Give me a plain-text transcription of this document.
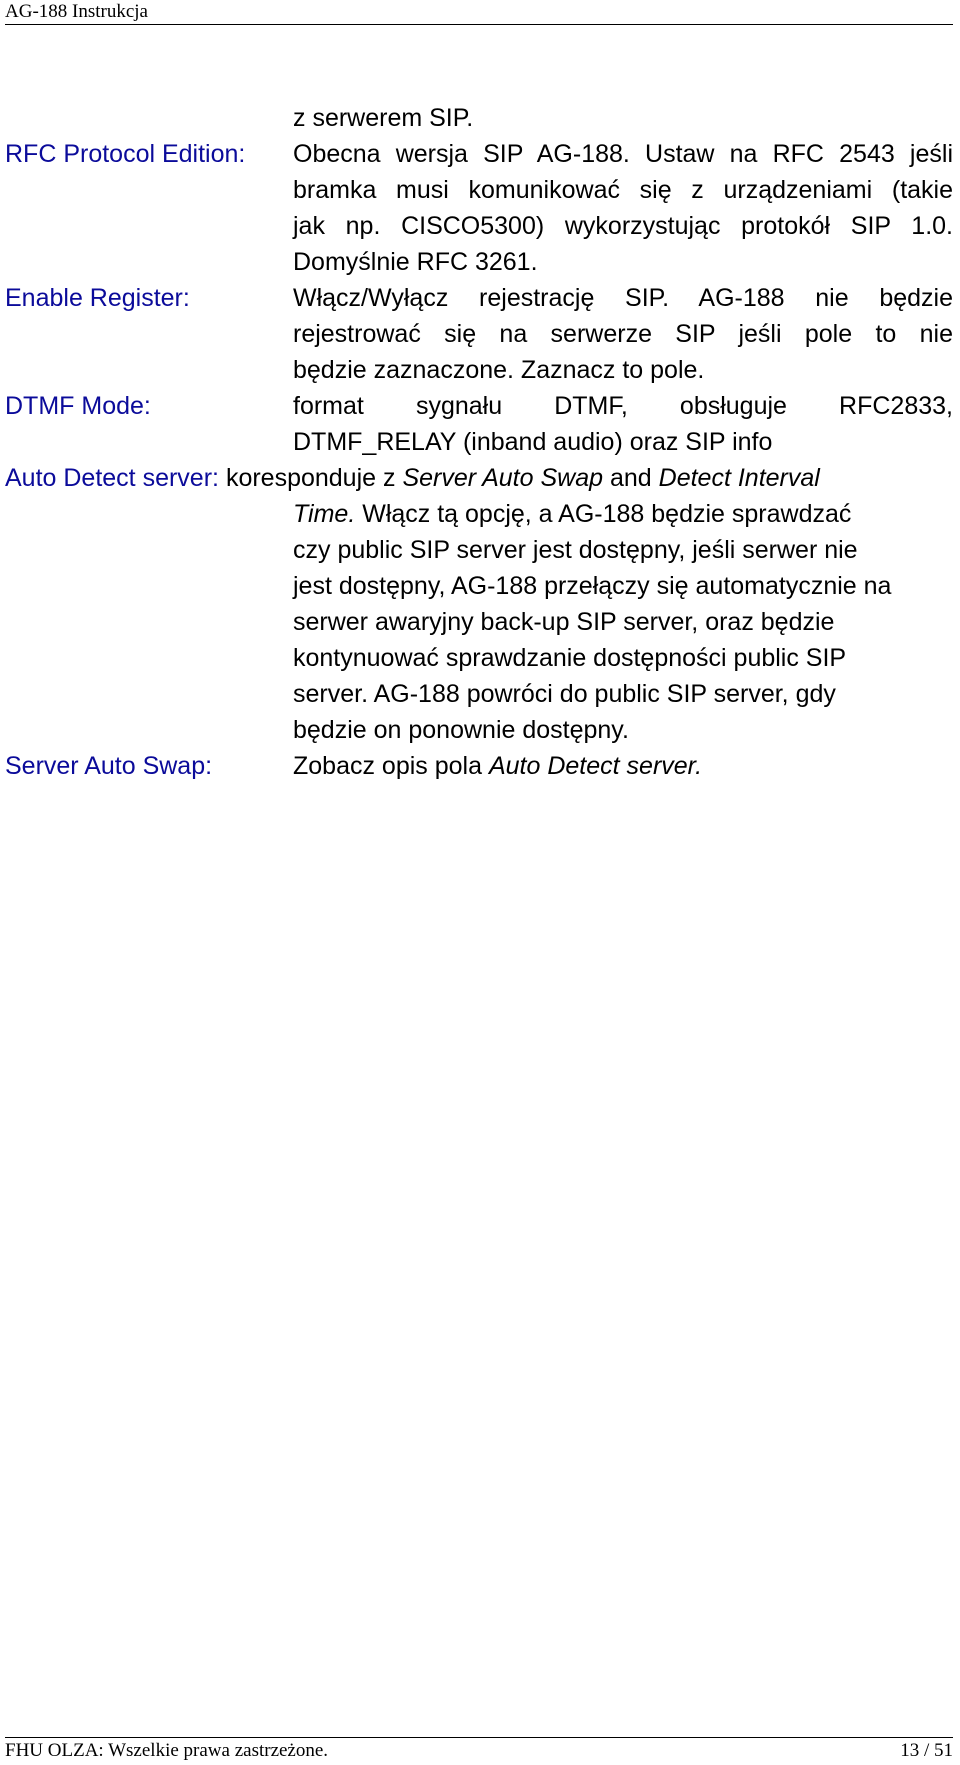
AG-188 Instrukcja
z serwerem SIP.
RFC Protocol Edition: Obecna wersja SIP AG-188. Ustaw na RFC 2543 jeśli
bramka musi komunikować się z urządzeniami (takie
jak np. CISCO5300) wykorzystując protokół SIP 1.0.
Domyślnie RFC 3261.
Enable Register:	Włącz/Wyłącz rejestrację SIP. AG-188 nie będzie
rejestrować się na serwerze SIP jeśli pole to nie
będzie zaznaczone. Zaznacz to pole.
DTMF Mode:	format sygnału DTMF, obsługuje RFC2833,
DTMF_RELAY (inband audio) oraz SIP info
Auto Detect server: koresponduje z Server Auto Swap and Detect Interval
Time. Włącz tą opcję, a AG-188 będzie sprawdzać
czy public SIP server jest dostępny, jeśli serwer nie
jest dostępny, AG-188 przełączy się automatycznie na
serwer awaryjny back-up SIP server, oraz będzie
kontynuować sprawdzanie dostępności public SIP
server. AG-188 powróci do public SIP server, gdy
będzie on ponownie dostępny.
Server Auto Swap:	Zobacz opis pola Auto Detect server.
FHU OLZA: Wszelkie prawa zastrzeżone.	13 / 51
